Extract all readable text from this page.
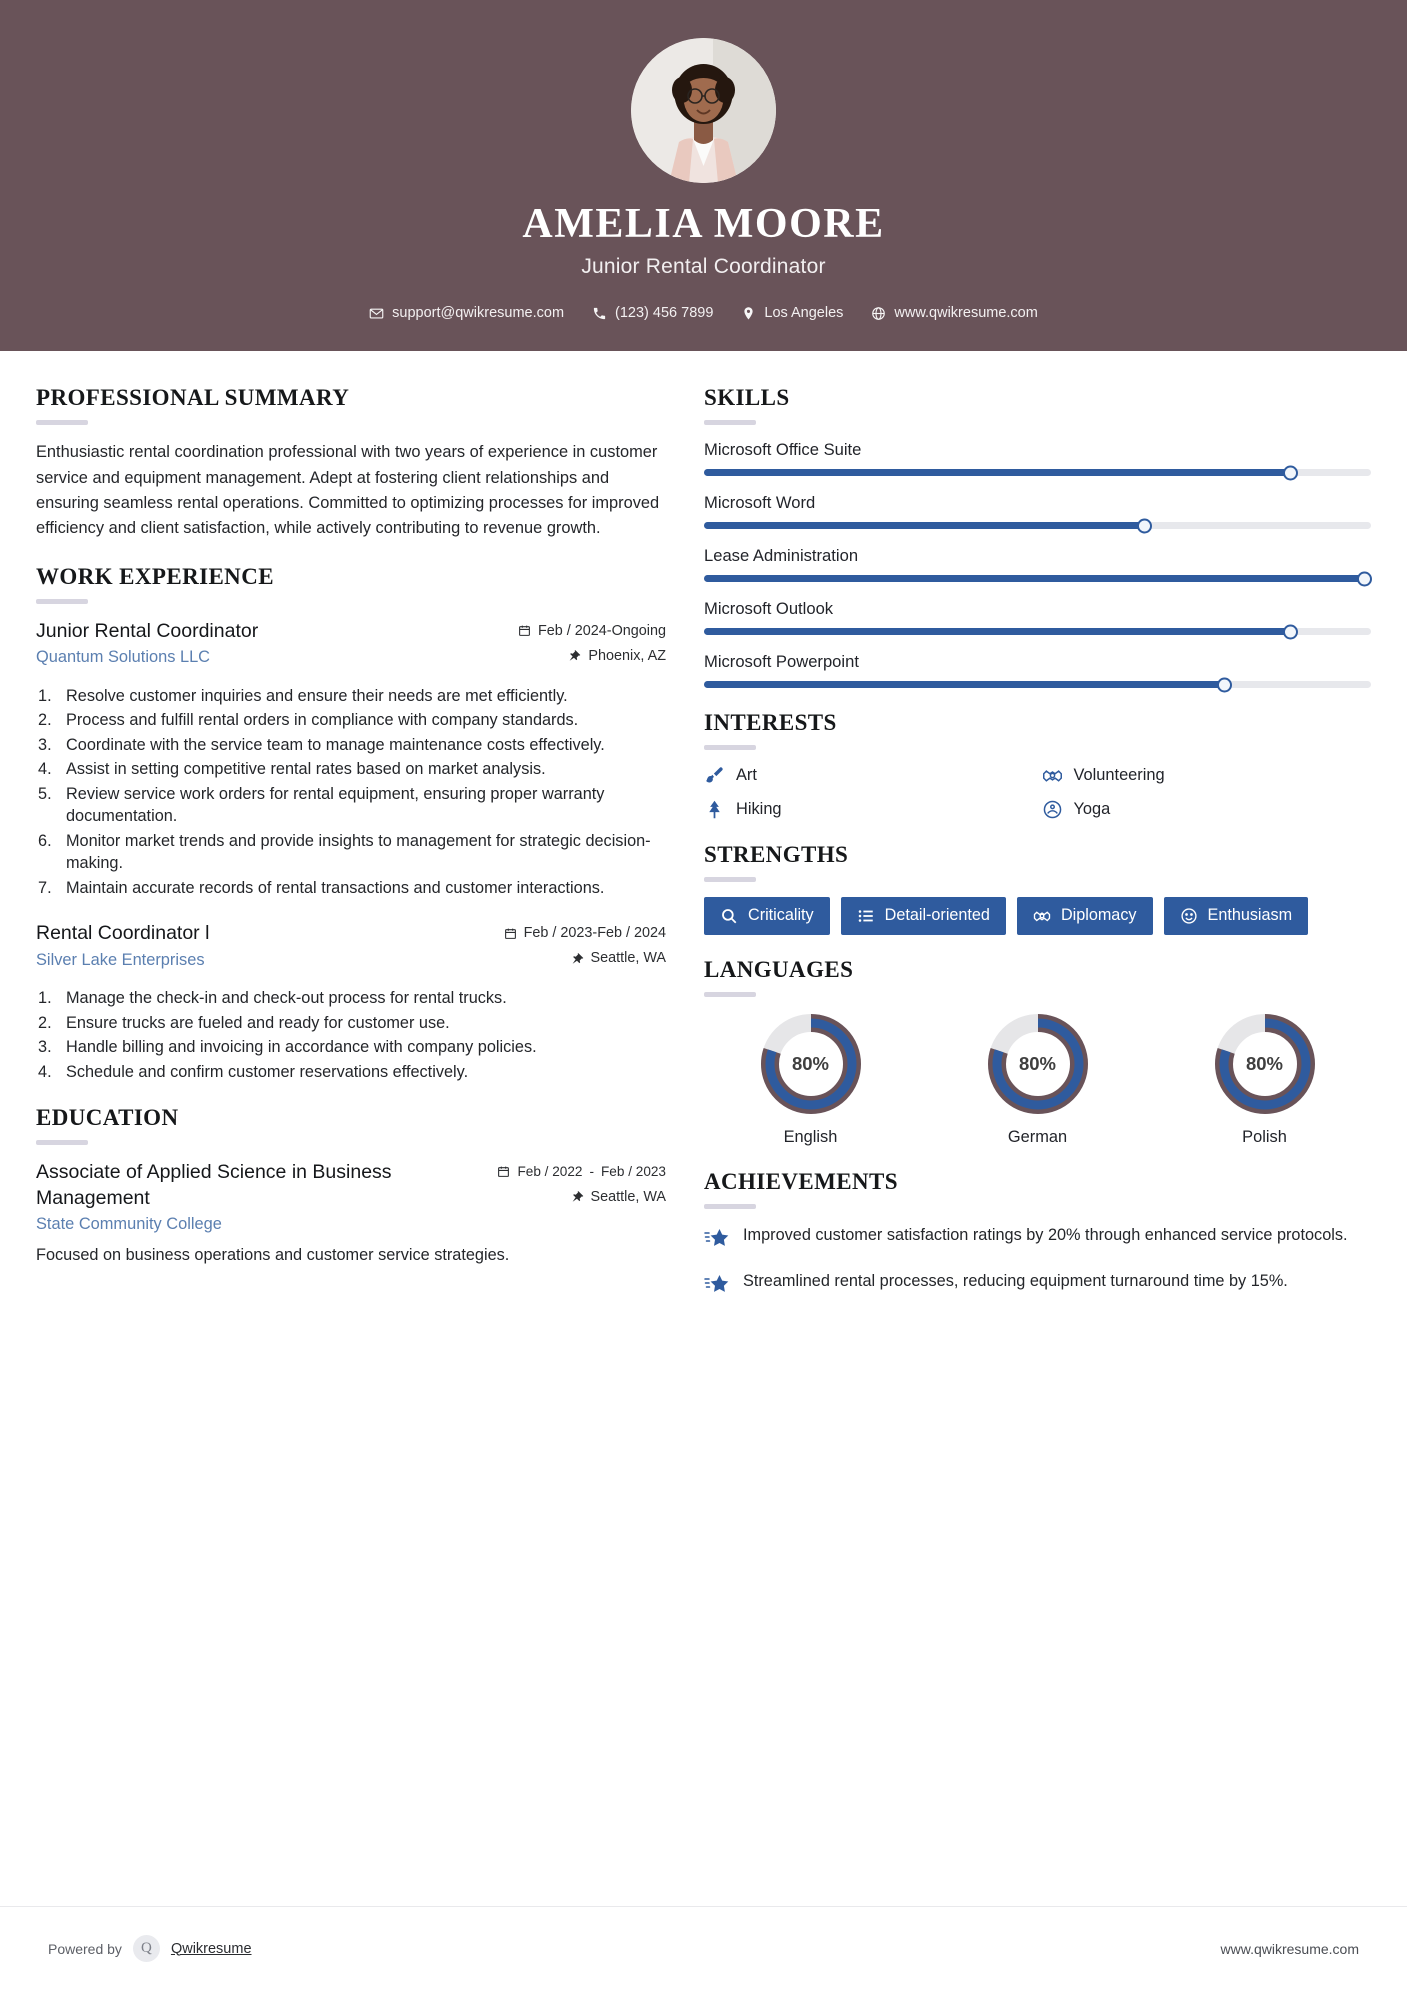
AMELIA MOORE
Junior Rental Coordinator
support@qwikresume.com	(123) 456 7899	Los Angeles	www.qwikresume.com
PROFESSIONAL SUMMARY
Enthusiastic rental coordination professional with two years of experience in customer service and equipment management. Adept at fostering client relationships and ensuring seamless rental operations. Committed to optimizing processes for improved efficiency and client satisfaction, while actively contributing to revenue growth.
WORK EXPERIENCE
Junior Rental Coordinator
Quantum Solutions LLC
Feb / 2024-Ongoing
Phoenix, AZ
Resolve customer inquiries and ensure their needs are met efficiently.
Process and fulfill rental orders in compliance with company standards.
Coordinate with the service team to manage maintenance costs effectively.
Assist in setting competitive rental rates based on market analysis.
Review service work orders for rental equipment, ensuring proper warranty documentation.
Monitor market trends and provide insights to management for strategic decision-making.
Maintain accurate records of rental transactions and customer interactions.
Rental Coordinator l
Silver Lake Enterprises
Feb / 2023-Feb / 2024
Seattle, WA
Manage the check-in and check-out process for rental trucks.
Ensure trucks are fueled and ready for customer use.
Handle billing and invoicing in accordance with company policies.
Schedule and confirm customer reservations effectively.
EDUCATION
Associate of Applied Science in Business Management
State Community College
Feb / 2022 - Feb / 2023
Seattle, WA
Focused on business operations and customer service strategies.
SKILLS
Microsoft Office Suite
Microsoft Word
Lease Administration
Microsoft Outlook
Microsoft Powerpoint
INTERESTS
Art	Volunteering
Hiking	Yoga
STRENGTHS
Criticality	Detail-oriented	Diplomacy	Enthusiasm
LANGUAGES
80%
English
80%
German
80%
Polish
ACHIEVEMENTS
Improved customer satisfaction ratings by 20% through enhanced service protocols.
Streamlined rental processes, reducing equipment turnaround time by 15%.
Powered by	Q	Qwikresume	www.qwikresume.com
